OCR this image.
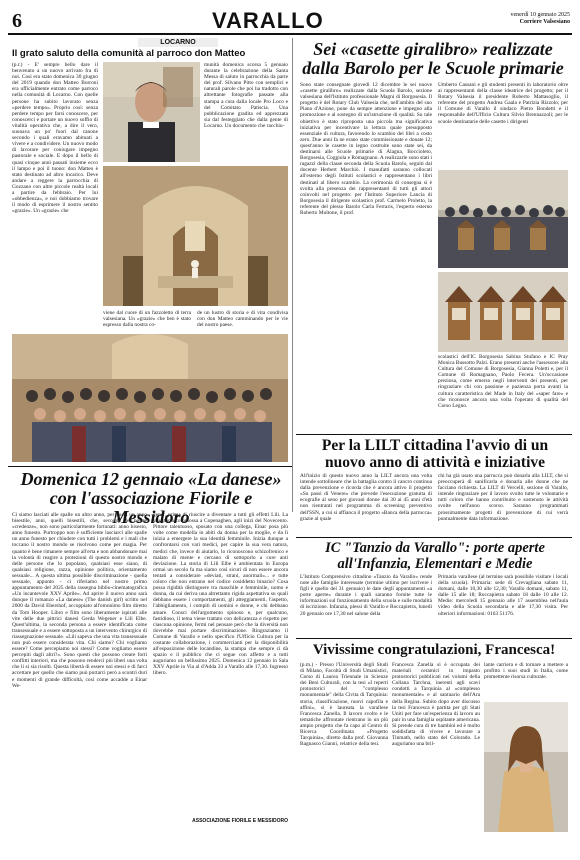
6	VARALLO	venerdì 10 gennaio 2025
Corriere Valsesiano
LOCARNO
Il grato saluto della comunità al parroco don Matteo
(p.r.) - E' sempre bello dare il benvenuto a un nuovo arrivato fra di noi. Così era stato domenica 30 giugno del 2019 quando don Matteo Borroni era ufficialmente entrato come parroco nella comunità di Locarno. Con quelle persone ha subito lavorato senza «perdere tempo». Proprio così: senza perdere tempo per farsi conoscere, per conoscerci e portare un nuovo soffio di vitalità operativa che, a dire il vero, suonava un po' fuori dal canone secondo i quali eravamo abituati a vivere e a condividere. Un nuovo modo di lavorare per coniugare impegno pastorale e sociale. E dopo il bello di quasi cinque anni passati insieme ecco il lampo e poi il tuono: don Matteo è stato destinato ad altro incarico. Deve andare a reggere la parrocchia di Gozzano con altre piccole realtà locali a partire da febbraio. Per lui «obbedienza», e noi dobbiamo trovare il modo di esprimere il nostro sentito «grazie». Un «grazie» che
munità domenica scorsa 5 gennaio durante la celebrazione della Santa Messa di saluto in parrocchia da parte del prof. Silvano Pitto con semplici e naturali parole che poi ha tradotto con altrettante fotografie passate alla stampa a cura dalla locale Pro Loco e del Comitato Patiscia. Una pubblicazione gradita ed apprezzata sia dal festeggiato che dalla gente di Locarno. Un documento che racchiu-
viene dal cuore di un fazzoletto di terra valsesiana. Un «grazie» che ben è stato espresso dalla nostra co-
de un lustro di storia e di vita condivisa con don Matteo camminando per le vie del nostro paese.
Domenica 12 gennaio «La danese» con l'associazione Fiorile e Messidoro
Ci siamo lasciati alle spalle un altro anno, per gusta un anno bisestile, anni, quelli bisestili, che, secondo le nostre «credenze», non sono particolarmente fortunati: anno bisesto, anno funesto. Purtroppo non è sufficiente lasciarci alle spalle un anno funesto per chiudere con tutti i problemi e i mali che toccano il nostro mondo se risolvono come per magia. Per quanto è bene rimanere sempre all'erta e non abbandonare mai la volontà di reagire a protezioni di questo nostro mondo e delle persone che lo popolano, qualsiasi esse siano, di qualsiasi religione, razza, opinione politica, orientamento sessuale... A questa ultima possibile discriminazione - quella sessuale, appunto - ci riferiamo nel nostro primo appuntamento del 2025 della rassegna biblio-cinematografica «Un incantevole XXV Aprile». Ad aprire il nuovo anno sarà dunque il romanzo «La danese» (The danish girl) scritto nel 2000 da David Ebershof, accoppiato all'omonimo film diretto da Tom Hooper. Libro e film sono liberamente ispirati alle vite delle due pittrici danesi Gerda Wegener e Lili Elbe. Quest'ultima, la seconda persona a essere identificata come transessuale e a essere sottoposta a un intervento chirurgico di riassegnazione sessuale. «Lili sapeva che una vita transessuale non può essere considerata vita. Chi siamo? Chi vogliamo essere? Come percepiamo noi stessi? Come vogliamo essere percepiti dagli altri?». Sono questi che possono creare forti conflitti interiori, ma che possono renderci più liberi una volta che li si sia risolti. Questa libertà di essere noi stessi e di farci accettare per quello che siamo può portarci però a scontri duri e momenti di grande difficoltà, così come accadde a Einar We-
gener, prima di riuscire a diventare a tutti gli effetti Lili. La sua storia commossa a Copenaghen, agli inizi del Novecento. Pittore talentuoso, sposato con una collega, Einar posa più volte come modella in abiti da donna per la moglie, e da lì inizia a emergere la sua identità femminile. Inizia dunque a confrontarsi con vari medici, per capire la sua vera natura, medici che, invece di aiutarlo, lo riconoscono schizofrenico e malato di mente e cercano di sottoporlo a cure anti deviazione. La storia di Lili Elbe è ambientata in Europa ormai un secolo fa ma siamo così sicuri di non essere ancora tentati a considerare «deviati, strani, anormali»... e tutte coloro che non entrano nel codice cosiddetto binario? Cosa possa rigidità distinguere tra maschile e femminile, uomo e donna, da cui deriva una altrettanto rigida aspettativa su quali debbano essere i comportamenti, gli atteggiamenti, l'aspetto, l'abbigliamento, i compiti di uomini e donne, e chi debbano amare. Consci dell'argomento spinoso e, per qualcuno, fastidioso, il tema viene trattato con delicatezza e rispetto per ciascuna opinione, fermi nel pensare però che la diversità non dovrebbe mai portare discriminazione. Ringraziamo il Comune di Varallo e nello specifico l'Ufficio Cultura per la costante collaborazione, i commercianti per la disponibilità all'esposizione delle locandine, la stampa che sempre ci dà spazio e il pubblico che ci segue con affetto e a tutti auguriamo un bellissimo 2025. Domenica 12 gennaio in Sala XXV Aprile in Via al d'Adda 33 a Varallo alle 17,30. Ingresso libero.
ASSOCIAZIONE FIORILE E MESSIDORO
Sei «casette giralibro» realizzate dalla Barolo per le Scuole primarie
Sono state consegnate giovedì 12 dicembre le sei nuove «casette giralibro» realizzate dalla Scuola Barolo, sezione valsesiana dell'Istituto professionale Magni di Borgosesia. Il progetto è del Rotary Club Valsesia che, nell'ambito del suo Piano d'Azione, pone da sempre attenzione e impegno alla promozione e al sostegno di un'istruzione di qualità. Su tale obiettivo è stato riproposta una piccola ma significativa iniziativa per incentivare la lettura quale presupposto essenziale di cultura, favorendo lo scambio dei libri a costo zero. Due anni fa ne erano state commissionate e donate 12; quest'anno le casette in legno costruite sono state sei, da destinarsi alle Scuole primarie di Alagna, Boccioleto, Borgosesia, Coggiola e Romagnano. A realizzarle sono stati i ragazzi della classe seconda della Scuola Barolo, seguiti dal docente Herbert Marchiò. I manufatti saranno collocati all'esterno degli Istituti scolastici e rappresentano i libri destinati al libero scambio. La cerimonia di consegna si è svolta alla presenza dei rappresentanti di tutti gli attori coinvolti nel progetto: per l'Istituto Superiore Lancia di Borgosesia il dirigente scolastico prof. Carmelo Proletto, la referente del plesso Barolo Carla Ferraris, l'esperto esterno Roberto Multone, il prof.
Umberto Cassani e gli studenti presenti in laboratorio oltre ai rappresentanti della classe ideatrice del progetto; per il Rotary Valsesia il presidente Roberto Mattasoglio, il referente del progetto Andrea Gaala e Patrizia Rizzolo; per il Comune di Varallo il sindaco Pietro Bondetti e il responsabile dell'Ufficio Cultura Silvio Brennazzoli; per le scuole destinatarie delle casette i dirigenti
scolastici dell'IC Borgosesia Sabina Stufano e IC Pray Monica Bussotto Palzi. Erano presenti anche l'assessore alla Cultura del Comune di Borgosesia, Gianna Poletti e, per il Comune di Romagnano, Paolo Fecera. Un'occasione preziosa, come emerso negli interventi dei presenti, per ringraziare chi con passione e pazienza porta avanti la cultura caratteristica del Made in Italy del «saper fare» e che riconosce ancora una volta l'operato di qualità del Corso Legno.
Per la LILT cittadina l'avvio di un nuovo anno di attività e iniziative
All'inizio di questo nuovo anno la LILT ancora una volta intende sottolineare che la battaglia contro il cancro continua dalla prevenzione e ricorda che è ancora attivo il progetto «Su passi di Venere» che prevede l'esecuzione gratuita di ecografie al seno per giovani donne dai 30 ai 45 anni d'età non rientranti nel programma di screening preventivo dell'SSN, a cui si affianca il progetto «Banca della parrucca» grazie al quale
chi ha già usato una parrucca può donarla alla LILT, che si preoccuperà di sanificarla e donarla alle donne che ne facciano richiesta. La LILT di Vercelli, sezione di Varallo, intende ringraziare per il lavoro svolto tutte le volontarie e tutti coloro che hanno contribuito e sostenuto le attività svolte nell'anno scorso. Saranno programmati prossimamente progetti di prevenzione di cui verrà puntualmente data informazione.
IC "Tanzio da Varallo": porte aperte all'Infanzia, Elementari e Medie
L'Istituto Comprensivo cittadino «Tanzio da Varallo» rende note alle famiglie interessate (termine ultimo per iscrivere i figli è quello del 31 gennaio) le date degli appuntamenti «a porte aperte» durante i quali saranno fornite tutte le informazioni sul funzionamento della scuola e sulle modalità di iscrizione. Infanzia, plessi di Varallo e Roccapietra, lunedì 20 gennaio ore 17,30 nel salone della
Primaria varallese (al termine sarà possibile visitare i locali della scuola). Primaria: sede di Crevagliana sabato 11, domani, dalle 10,30 alle 12,30; Varallo domani, sabato 11, dalle 15 alle 18; Roccapietra sabato 18 dalle 10 alle 12. Medie: mercoledì 15 gennaio alle 17 assemblea nell'aula video della Scuola secondaria e alle 17,30 visita. Per ulteriori informazioni: 0163 51176.
Vivissime congratulazioni, Francesca!
(p.m.) - Presso l'Università degli Studi di Milano, Facoltà di Studi Umanistici, Corso di Laurea Triennale in Scienze dei Beni Culturali, con la tesi «I reperti protostorici del "complesso monumentale" della Civita di Tarquinia: storia, classificazione, nuovi capofila e affini», si è laureata la varallese Francesca Zanella. Il lavoro svolto e le tematiche affrontate rientrano in un più ampio progetto che fa capo al Centro di Ricerca Coordinata «Progetto Tarquinia», diretto dalla prof. Giovanna Bagnasco Gianni, relatrice della tesi.
Francesca Zanella si è occupata dei materiali ceramici in impasto protostorici pubblicati nei volumi della Collana Tarchna, inerenti agli scavi condotti a Tarquinia al «complesso monumentale» e al santuario dell'Ara della Regina. Subito dopo aver discusso la tesi Francesca è partita per gli Stati Uniti per fare un'esperienza di lavoro au pair in una famiglia ospitante americana. Si prende cura di tre bambini ed è molto soddisfatta di vivere e lavorare a Tinmath, nello stato del Colorado. Le auguriamo una bril-
lante carriera e di tornare a mettere a profitto i suoi studi in Italia, come promettente risorsa culturale.
